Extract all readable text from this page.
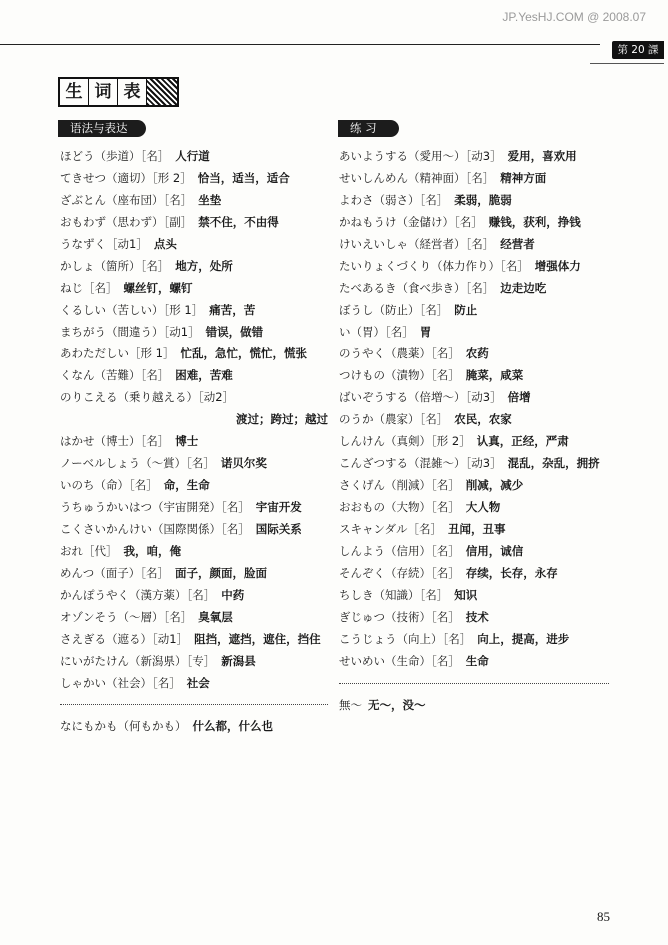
JP.YesHJ.COM @ 2008.07
第 20 課
生 词 表
语法与表达	练 习
ほどう（歩道）［名］ 人行道
てきせつ（適切）［形 2］ 恰当，适当，适合
ざぶとん（座布団）［名］ 坐垫
おもわず（思わず）［副］ 禁不住，不由得
うなずく［动1］ 点头
かしょ（箇所）［名］ 地方，处所
ねじ［名］ 螺丝钉，螺钉
くるしい（苦しい）［形 1］ 痛苦，苦
まちがう（間違う）［动1］ 错误，做错
あわただしい［形 1］ 忙乱，急忙，慌忙，慌张
くなん（苦難）［名］ 困难，苦难
のりこえる（乗り越える）［动2］
渡过；跨过；越过
はかせ（博士）［名］ 博士
ノーベルしょう（～賞）［名］ 诺贝尔奖
いのち（命）［名］ 命，生命
うちゅうかいはつ（宇宙開発）［名］ 宇宙开发
こくさいかんけい（国際関係）［名］ 国际关系
おれ［代］ 我，咱，俺
めんつ（面子）［名］ 面子，颜面，脸面
かんぽうやく（漢方薬）［名］ 中药
オゾンそう（～層）［名］ 臭氧层
さえぎる（遮る）［动1］ 阻挡，遮挡，遮住，挡住
にいがたけん（新潟県）［专］ 新潟县
しゃかい（社会）［名］ 社会
なにもかも（何もかも） 什么都，什么也
あいようする（愛用～）［动3］ 爱用，喜欢用
せいしんめん（精神面）［名］ 精神方面
よわさ（弱さ）［名］ 柔弱，脆弱
かねもうけ（金儲け）［名］ 赚钱，获利，挣钱
けいえいしゃ（経営者）［名］ 经营者
たいりょくづくり（体力作り）［名］ 增强体力
たべあるき（食べ歩き）［名］ 边走边吃
ぼうし（防止）［名］ 防止
い（胃）［名］ 胃
のうやく（農薬）［名］ 农药
つけもの（漬物）［名］ 腌菜，咸菜
ばいぞうする（倍増～）［动3］ 倍增
のうか（農家）［名］ 农民，农家
しんけん（真剣）［形 2］ 认真，正经，严肃
こんざつする（混雑～）［动3］ 混乱，杂乱，拥挤
さくげん（削減）［名］ 削减，减少
おおもの（大物）［名］ 大人物
スキャンダル［名］ 丑闻，丑事
しんよう（信用）［名］ 信用，诚信
そんぞく（存続）［名］ 存续，长存，永存
ちしき（知識）［名］ 知识
ぎじゅつ（技術）［名］ 技术
こうじょう（向上）［名］ 向上，提高，进步
せいめい（生命）［名］ 生命
無～ 无～，没～
85
